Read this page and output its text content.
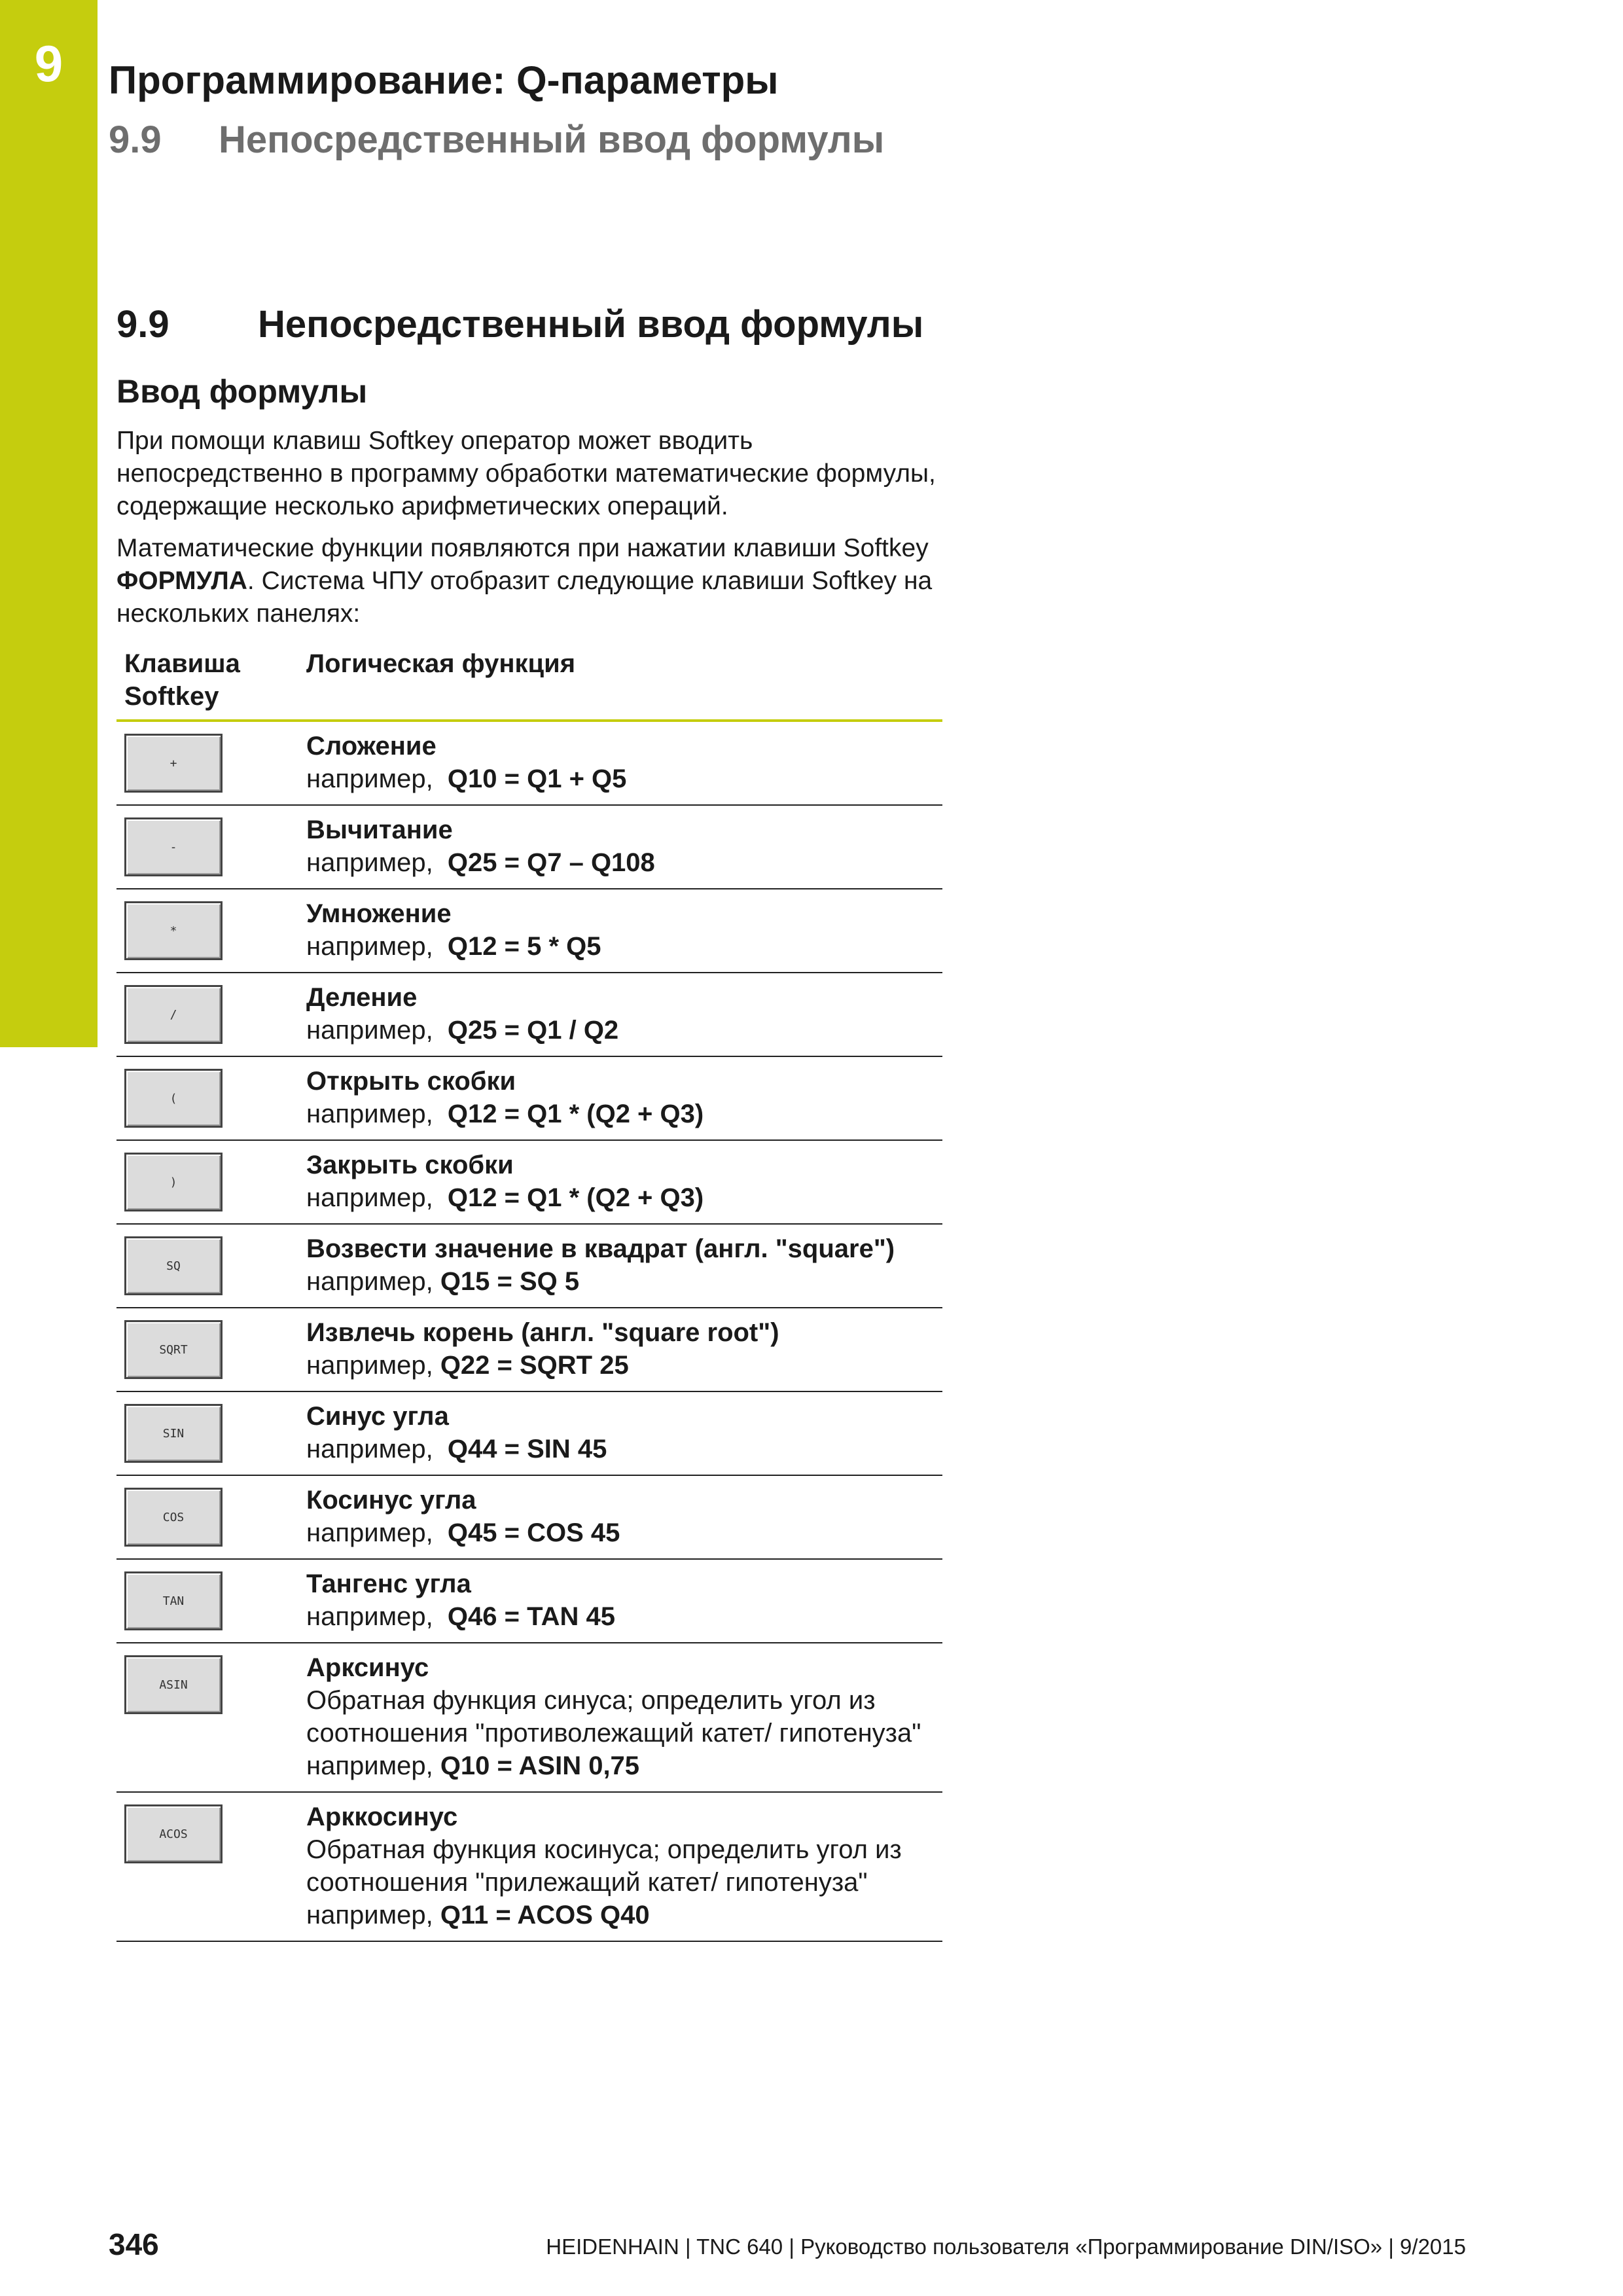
9	Программирование: Q-параметры
9.9 Непосредственный ввод формулы
9.9 Непосредственный ввод формулы
Ввод формулы

При помощи клавиш Softkey оператор может вводить непосредственно в программу обработки математические формулы, содержащие несколько арифметических операций.

Математические функции появляются при нажатии клавиши Softkey ФОРМУЛА. Система ЧПУ отобразит следующие клавиши Softkey на нескольких панелях:

Клавиша Softkey
Логическая функция
+
Сложение
например,  Q10 = Q1 + Q5
-
Вычитание
например,  Q25 = Q7 – Q108
*
Умножение
например,  Q12 = 5 * Q5
/
Деление
например,  Q25 = Q1 / Q2
(
Открыть скобки
например,  Q12 = Q1 * (Q2 + Q3)
)
Закрыть скобки
например,  Q12 = Q1 * (Q2 + Q3)
SQ
Возвести значение в квадрат (англ. "square")
например, Q15 = SQ 5
SQRT
Извлечь корень (англ. "square root")
например, Q22 = SQRT 25
SIN
Синус угла
например,  Q44 = SIN 45
COS
Косинус угла
например,  Q45 = COS 45
TAN
Тангенс угла
например,  Q46 = TAN 45
ASIN
Арксинус
Обратная функция синуса; определить угол из соотношения "противолежащий катет/ гипотенуза"
например, Q10 = ASIN 0,75
ACOS
Арккосинус
Обратная функция косинуса; определить угол из соотношения "прилежащий катет/ гипотенуза"
например, Q11 = ACOS Q40
346	HEIDENHAIN | TNC 640 | Руководство пользователя «Программирование DIN/ISO» | 9/2015
